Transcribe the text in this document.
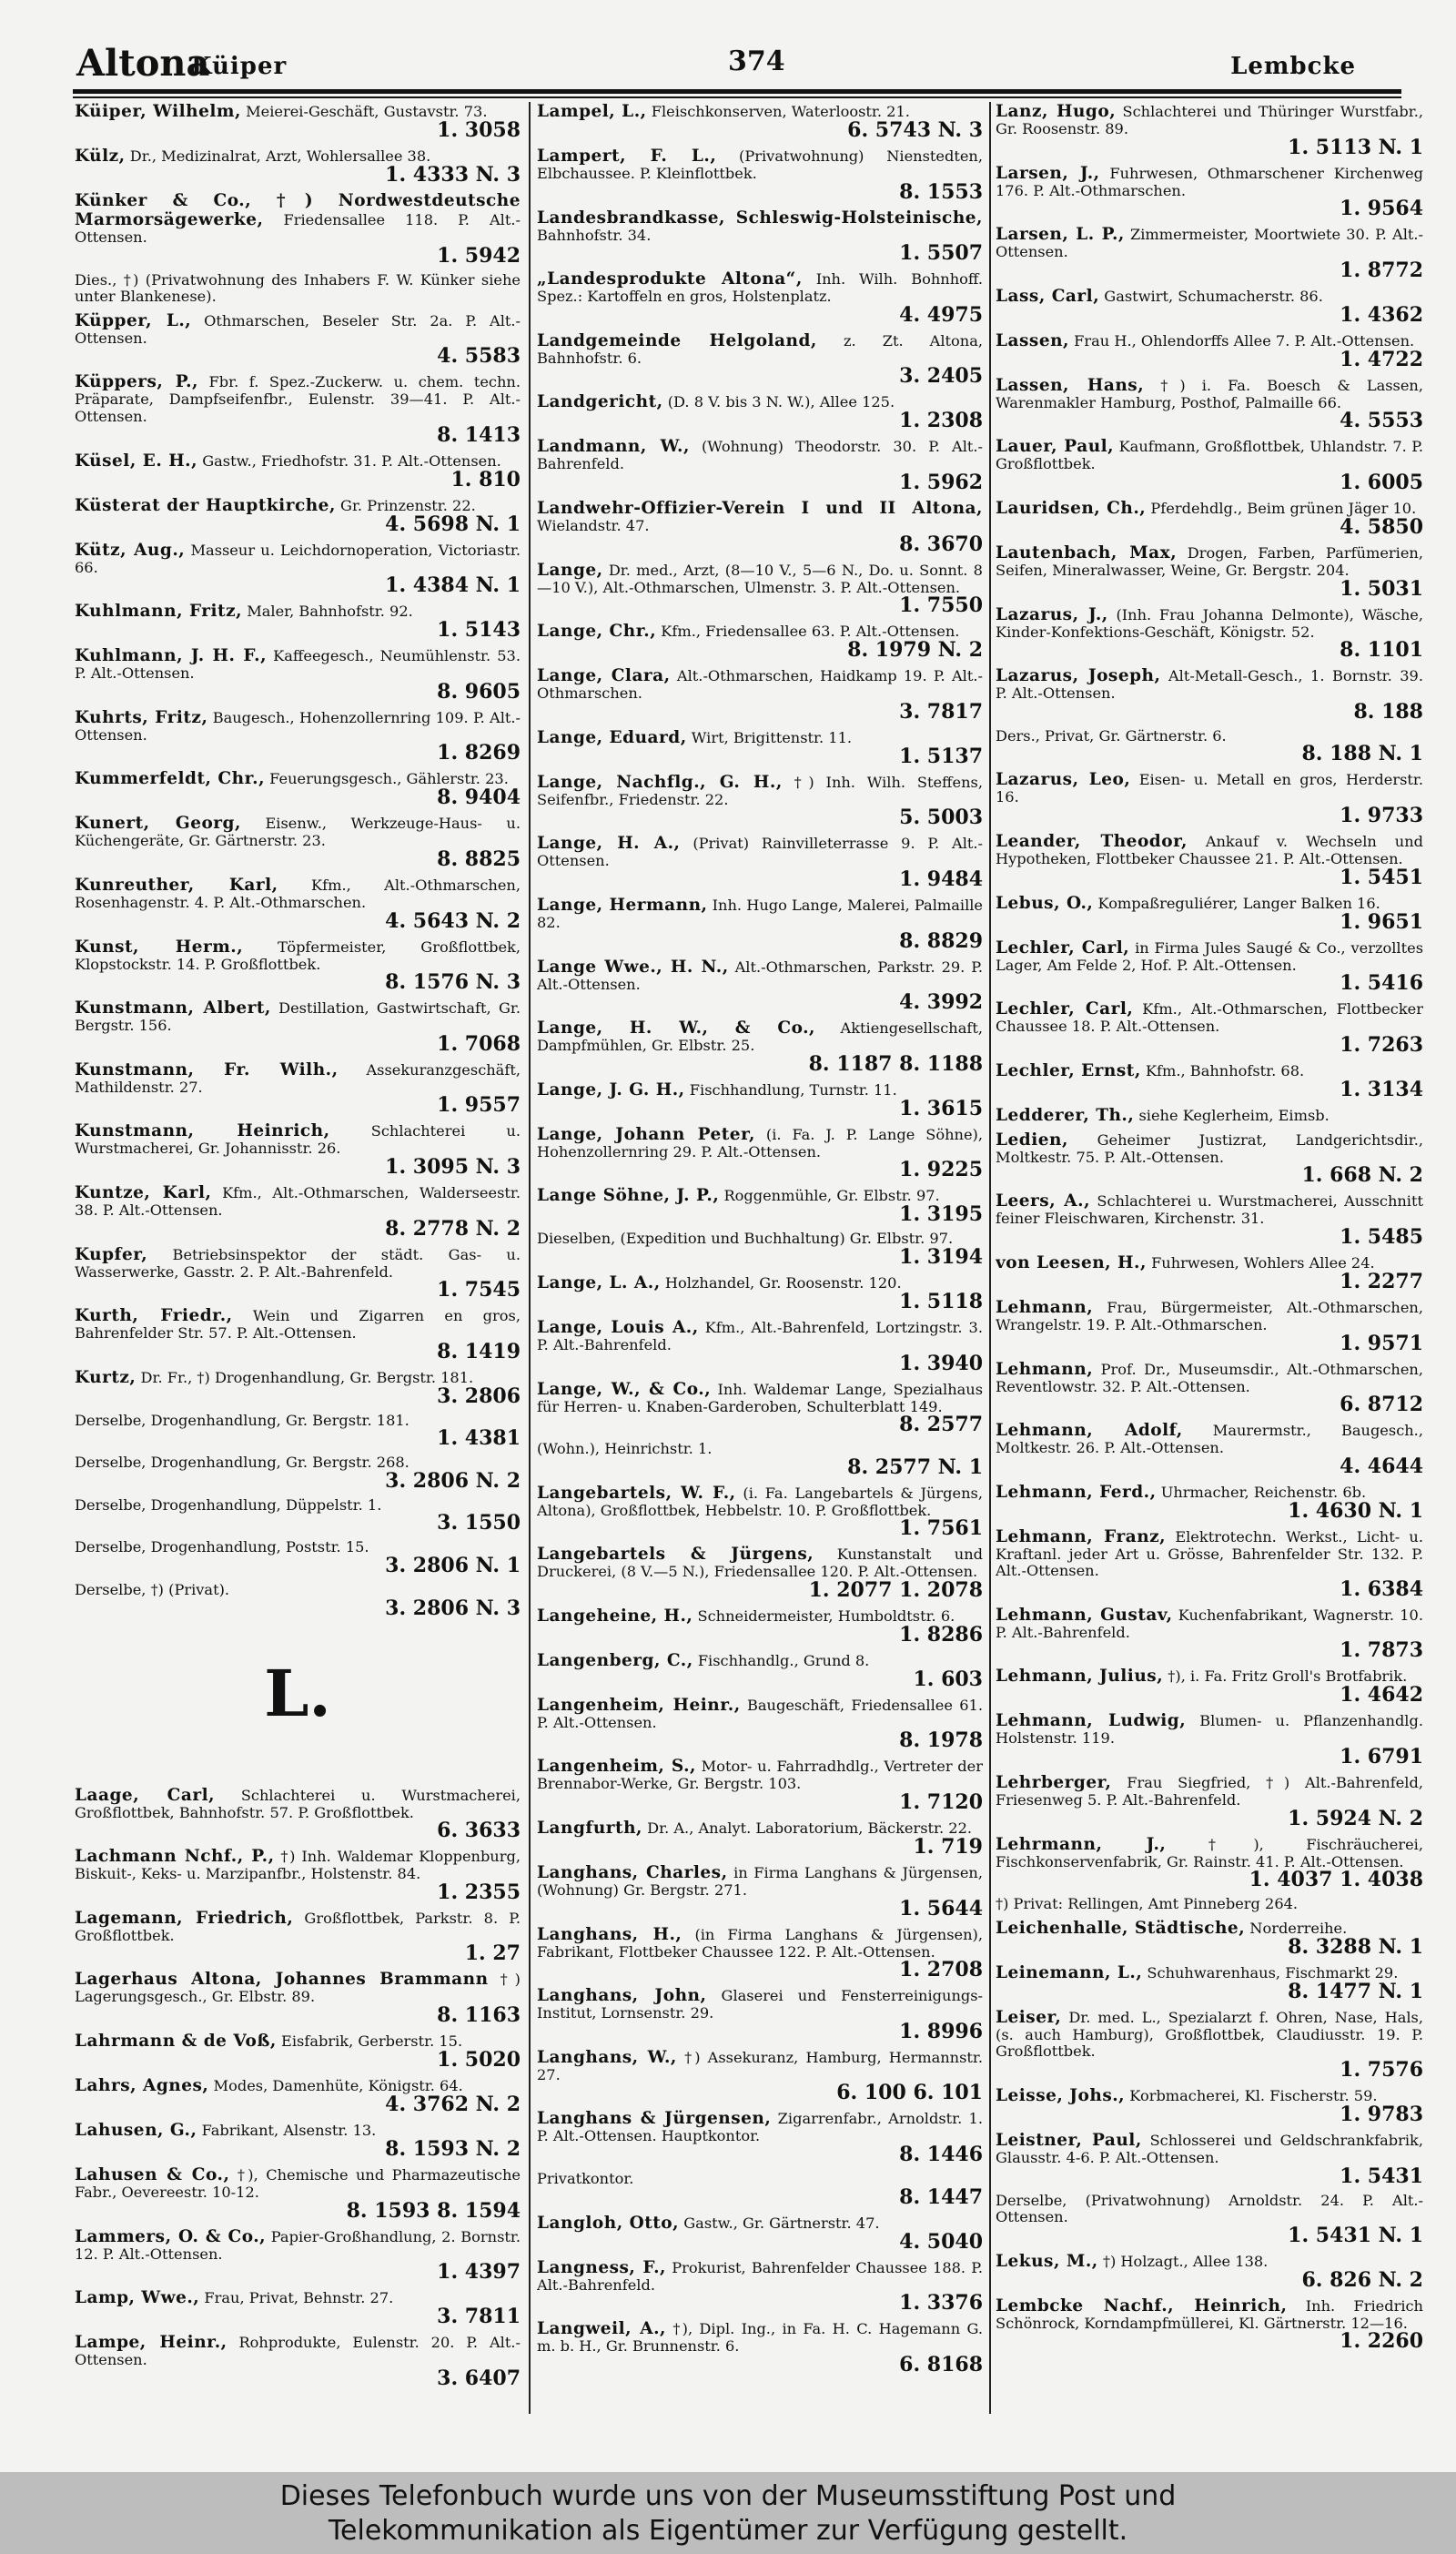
Altona
Küiper	374	Lembcke
Küiper, Wilhelm, Meierei-Geschäft, Gustavstr. 73.
1. 3058
Külz, Dr., Medizinalrat, Arzt, Wohlersallee 38.
1. 4333 N. 3
Künker & Co., †) Nordwestdeutsche Marmorsägewerke, Friedensallee 118. P. Alt.-Ottensen.
1. 5942
Dies., †) (Privatwohnung des Inhabers F. W. Künker siehe unter Blankenese).
Küpper, L., Othmarschen, Beseler Str. 2a. P. Alt.-Ottensen.
4. 5583
Küppers, P., Fbr. f. Spez.-Zuckerw. u. chem. techn. Präparate, Dampfseifenfbr., Eulenstr. 39—41. P. Alt.-Ottensen.
8. 1413
Küsel, E. H., Gastw., Friedhofstr. 31. P. Alt.-Ottensen.
1. 810
Küsterat der Hauptkirche, Gr. Prinzenstr. 22.
4. 5698 N. 1
Kütz, Aug., Masseur u. Leichdornoperation, Victoriastr. 66.
1. 4384 N. 1
Kuhlmann, Fritz, Maler, Bahnhofstr. 92.
1. 5143
Kuhlmann, J. H. F., Kaffeegesch., Neumühlenstr. 53. P. Alt.-Ottensen.
8. 9605
Kuhrts, Fritz, Baugesch., Hohenzollernring 109. P. Alt.-Ottensen.
1. 8269
Kummerfeldt, Chr., Feuerungsgesch., Gählerstr. 23.
8. 9404
Kunert, Georg, Eisenw., Werkzeuge-Haus- u. Küchengeräte, Gr. Gärtnerstr. 23.
8. 8825
Kunreuther, Karl, Kfm., Alt.-Othmarschen, Rosenhagenstr. 4. P. Alt.-Othmarschen.
4. 5643 N. 2
Kunst, Herm., Töpfermeister, Großflottbek, Klopstockstr. 14. P. Großflottbek.
8. 1576 N. 3
Kunstmann, Albert, Destillation, Gastwirtschaft, Gr. Bergstr. 156.
1. 7068
Kunstmann, Fr. Wilh., Assekuranzgeschäft, Mathildenstr. 27.
1. 9557
Kunstmann, Heinrich,	Schlachterei u. Wurstmacherei, Gr. Johannisstr. 26.
1. 3095 N. 3
Kuntze, Karl, Kfm., Alt.-Othmarschen, Walderseestr. 38. P. Alt.-Ottensen.
8. 2778 N. 2
Kupfer, Betriebsinspektor der städt. Gas- u. Wasserwerke, Gasstr. 2. P. Alt.-Bahrenfeld.
1. 7545
Kurth, Friedr., Wein und Zigarren en gros, Bahrenfelder Str. 57. P. Alt.-Ottensen.
8. 1419
Kurtz, Dr. Fr., †) Drogenhandlung, Gr. Bergstr. 181.
3. 2806
Derselbe, Drogenhandlung, Gr. Bergstr. 181.
1. 4381
Derselbe, Drogenhandlung, Gr. Bergstr. 268.
3. 2806 N. 2
Derselbe, Drogenhandlung, Düppelstr. 1.
3. 1550
Derselbe, Drogenhandlung, Poststr. 15.
3. 2806 N. 1
Derselbe, †) (Privat).
3. 2806 N. 3
L.
Laage, Carl, Schlachterei u. Wurstmacherei, Großflottbek, Bahnhofstr. 57. P. Großflottbek.
6. 3633
Lachmann Nchf., P., †) Inh. Waldemar Kloppenburg, Biskuit-, Keks- u. Marzipanfbr., Holstenstr. 84.
1. 2355
Lagemann, Friedrich, Großflottbek, Parkstr. 8. P. Großflottbek.
1. 27
Lagerhaus Altona, Johannes Brammann †) Lagerungsgesch., Gr. Elbstr. 89.
8. 1163
Lahrmann & de Voß, Eisfabrik, Gerberstr. 15.
1. 5020
Lahrs, Agnes, Modes, Damenhüte, Königstr. 64.
4. 3762 N. 2
Lahusen, G., Fabrikant, Alsenstr. 13.
8. 1593 N. 2
Lahusen & Co., †), Chemische und Pharmazeutische Fabr., Oevereestr. 10-12.
8. 1593 8. 1594
Lammers, O. & Co., Papier-Großhandlung, 2. Bornstr. 12. P. Alt.-Ottensen.
1. 4397
Lamp, Wwe., Frau, Privat, Behnstr. 27.
3. 7811
Lampe, Heinr., Rohprodukte, Eulenstr. 20. P. Alt.-Ottensen.
3. 6407
Lampel, L., Fleischkonserven, Waterloostr. 21.
6. 5743 N. 3
Lampert, F. L., (Privatwohnung) Nienstedten, Elbchaussee. P. Kleinflottbek.
8. 1553
Landesbrandkasse, Schleswig-Holsteinische, Bahnhofstr. 34.
1. 5507
„Landesprodukte Altona“, Inh. Wilh. Bohnhoff. Spez.: Kartoffeln en gros, Holstenplatz.
4. 4975
Landgemeinde Helgoland, z. Zt. Altona, Bahnhofstr. 6.
3. 2405
Landgericht, (D. 8 V. bis 3 N. W.), Allee 125.
1. 2308
Landmann, W., (Wohnung) Theodorstr. 30. P. Alt.-Bahrenfeld.
1. 5962
Landwehr-Offizier-Verein I und II Altona, Wielandstr. 47.
8. 3670
Lange, Dr. med., Arzt, (8—10 V., 5—6 N., Do. u. Sonnt. 8—10 V.), Alt.-Othmarschen, Ulmenstr. 3. P. Alt.-Ottensen.
1. 7550
Lange, Chr., Kfm., Friedensallee 63. P. Alt.-Ottensen.
8. 1979 N. 2
Lange, Clara, Alt.-Othmarschen, Haidkamp 19. P. Alt.-Othmarschen.
3. 7817
Lange, Eduard, Wirt, Brigittenstr. 11.
1. 5137
Lange, Nachflg., G. H., †) Inh. Wilh. Steffens, Seifenfbr., Friedenstr. 22.
5. 5003
Lange, H. A., (Privat) Rainvilleterrasse 9. P. Alt.-Ottensen.
1. 9484
Lange, Hermann, Inh. Hugo Lange, Malerei, Palmaille 82.
8. 8829
Lange Wwe., H. N., Alt.-Othmarschen, Parkstr. 29. P. Alt.-Ottensen.
4. 3992
Lange, H. W., & Co., Aktiengesellschaft, Dampfmühlen, Gr. Elbstr. 25.
8. 1187 8. 1188
Lange, J. G. H., Fischhandlung, Turnstr. 11.
1. 3615
Lange, Johann Peter, (i. Fa. J. P. Lange Söhne), Hohenzollernring 29. P. Alt.-Ottensen.
1. 9225
Lange Söhne, J. P., Roggenmühle, Gr. Elbstr. 97.
1. 3195
Dieselben, (Expedition und Buchhaltung) Gr. Elbstr. 97.
1. 3194
Lange, L. A., Holzhandel, Gr. Roosenstr. 120.
1. 5118
Lange, Louis A., Kfm., Alt.-Bahrenfeld, Lortzingstr. 3. P. Alt.-Bahrenfeld.
1. 3940
Lange, W., & Co., Inh. Waldemar Lange, Spezialhaus für Herren- u. Knaben-Garderoben, Schulterblatt 149.
8. 2577
(Wohn.), Heinrichstr. 1.
8. 2577 N. 1
Langebartels, W. F., (i. Fa. Langebartels & Jürgens, Altona), Großflottbek, Hebbelstr. 10. P. Großflottbek.
1. 7561
Langebartels & Jürgens, Kunstanstalt und Druckerei, (8 V.—5 N.), Friedensallee 120. P. Alt.-Ottensen.
1. 2077 1. 2078
Langeheine, H., Schneidermeister, Humboldtstr. 6.
1. 8286
Langenberg, C., Fischhandlg., Grund 8.
1. 603
Langenheim, Heinr., Baugeschäft, Friedensallee 61. P. Alt.-Ottensen.
8. 1978
Langenheim, S., Motor- u. Fahrradhdlg., Vertreter der Brennabor-Werke, Gr. Bergstr. 103.
1. 7120
Langfurth, Dr. A., Analyt. Laboratorium, Bäckerstr. 22.
1. 719
Langhans, Charles, in Firma Langhans & Jürgensen, (Wohnung) Gr. Bergstr. 271.
1. 5644
Langhans, H., (in Firma Langhans & Jürgensen), Fabrikant, Flottbeker Chaussee 122. P. Alt.-Ottensen.
1. 2708
Langhans, John, Glaserei und Fensterreinigungs-Institut, Lornsenstr. 29.
1. 8996
Langhans, W., †) Assekuranz, Hamburg, Hermannstr. 27.
6. 100 6. 101
Langhans & Jürgensen, Zigarrenfabr., Arnoldstr. 1. P. Alt.-Ottensen. Hauptkontor.
8. 1446
Privatkontor.
8. 1447
Langloh, Otto, Gastw., Gr. Gärtnerstr. 47.
4. 5040
Langness, F., Prokurist, Bahrenfelder Chaussee 188. P. Alt.-Bahrenfeld.
1. 3376
Langweil, A., †), Dipl. Ing., in Fa. H. C. Hagemann G. m. b. H., Gr. Brunnenstr. 6.
6. 8168
Lanz, Hugo, Schlachterei und Thüringer Wurstfabr., Gr. Roosenstr. 89.
1. 5113 N. 1
Larsen, J., Fuhrwesen, Othmarschener Kirchenweg 176. P. Alt.-Othmarschen.
1. 9564
Larsen, L. P., Zimmermeister, Moortwiete 30. P. Alt.-Ottensen.
1. 8772
Lass, Carl, Gastwirt, Schumacherstr. 86.
1. 4362
Lassen, Frau H., Ohlendorffs Allee 7. P. Alt.-Ottensen.
1. 4722
Lassen, Hans, †) i. Fa. Boesch & Lassen, Warenmakler Hamburg, Posthof, Palmaille 66.
4. 5553
Lauer, Paul, Kaufmann, Großflottbek, Uhlandstr. 7. P. Großflottbek.
1. 6005
Lauridsen, Ch., Pferdehdlg., Beim grünen Jäger 10.
4. 5850
Lautenbach, Max, Drogen, Farben, Parfümerien, Seifen, Mineralwasser, Weine, Gr. Bergstr. 204.
1. 5031
Lazarus, J., (Inh. Frau Johanna Delmonte), Wäsche, Kinder-Konfektions-Geschäft, Königstr. 52.
8. 1101
Lazarus, Joseph, Alt-Metall-Gesch., 1. Bornstr. 39. P. Alt.-Ottensen.
8. 188
Ders., Privat, Gr. Gärtnerstr. 6.
8. 188 N. 1
Lazarus, Leo, Eisen- u. Metall en gros, Herderstr. 16.
1. 9733
Leander, Theodor, Ankauf v. Wechseln und Hypotheken, Flottbeker Chaussee 21. P. Alt.-Ottensen.
1. 5451
Lebus, O., Kompaßreguliérer, Langer Balken 16.
1. 9651
Lechler, Carl, in Firma Jules Saugé & Co., verzolltes Lager, Am Felde 2, Hof. P. Alt.-Ottensen.
1. 5416
Lechler, Carl, Kfm., Alt.-Othmarschen, Flottbecker Chaussee 18. P. Alt.-Ottensen.
1. 7263
Lechler, Ernst, Kfm., Bahnhofstr. 68.
1. 3134
Ledderer, Th., siehe Keglerheim, Eimsb.
Ledien, Geheimer Justizrat, Landgerichtsdir., Moltkestr. 75. P. Alt.-Ottensen.
1. 668 N. 2
Leers, A., Schlachterei u. Wurstmacherei, Ausschnitt feiner Fleischwaren, Kirchenstr. 31.
1. 5485
von Leesen, H., Fuhrwesen, Wohlers Allee 24.
1. 2277
Lehmann, Frau, Bürgermeister, Alt.-Othmarschen, Wrangelstr. 19. P. Alt.-Othmarschen.
1. 9571
Lehmann, Prof. Dr., Museumsdir., Alt.-Othmarschen, Reventlowstr. 32. P. Alt.-Ottensen.
6. 8712
Lehmann, Adolf, Maurermstr., Baugesch., Moltkestr. 26. P. Alt.-Ottensen.
4. 4644
Lehmann, Ferd., Uhrmacher, Reichenstr. 6b.
1. 4630 N. 1
Lehmann, Franz, Elektrotechn. Werkst., Licht- u. Kraftanl. jeder Art u. Grösse, Bahrenfelder Str. 132. P. Alt.-Ottensen.
1. 6384
Lehmann, Gustav, Kuchenfabrikant, Wagnerstr. 10. P. Alt.-Bahrenfeld.
1. 7873
Lehmann, Julius, †), i. Fa. Fritz Groll's Brotfabrik.
1. 4642
Lehmann, Ludwig, Blumen- u. Pflanzenhandlg. Holstenstr. 119.
1. 6791
Lehrberger, Frau Siegfried, †) Alt.-Bahrenfeld, Friesenweg 5. P. Alt.-Bahrenfeld.
1. 5924 N. 2
Lehrmann, J.,	†), Fischräucherei, Fischkonservenfabrik, Gr. Rainstr. 41. P. Alt.-Ottensen.
1. 4037 1. 4038
†) Privat: Rellingen, Amt Pinneberg 264.
Leichenhalle, Städtische, Norderreihe.
8. 3288 N. 1
Leinemann, L., Schuhwarenhaus, Fischmarkt 29.
8. 1477 N. 1
Leiser, Dr. med. L., Spezialarzt f. Ohren, Nase, Hals, (s. auch Hamburg), Großflottbek, Claudiusstr. 19. P. Großflottbek.
1. 7576
Leisse, Johs., Korbmacherei, Kl. Fischerstr. 59.
1. 9783
Leistner, Paul, Schlosserei und Geldschrankfabrik, Glausstr. 4-6. P. Alt.-Ottensen.
1. 5431
Derselbe, (Privatwohnung) Arnoldstr. 24. P. Alt.-Ottensen.
1. 5431 N. 1
Lekus, M., †) Holzagt., Allee 138.
6. 826 N. 2
Lembcke Nachf., Heinrich, Inh. Friedrich Schönrock, Korndampfmüllerei, Kl. Gärtnerstr. 12—16.
1. 2260
Dieses Telefonbuch wurde uns von der Museumsstiftung Post und
Telekommunikation als Eigentümer zur Verfügung gestellt.
